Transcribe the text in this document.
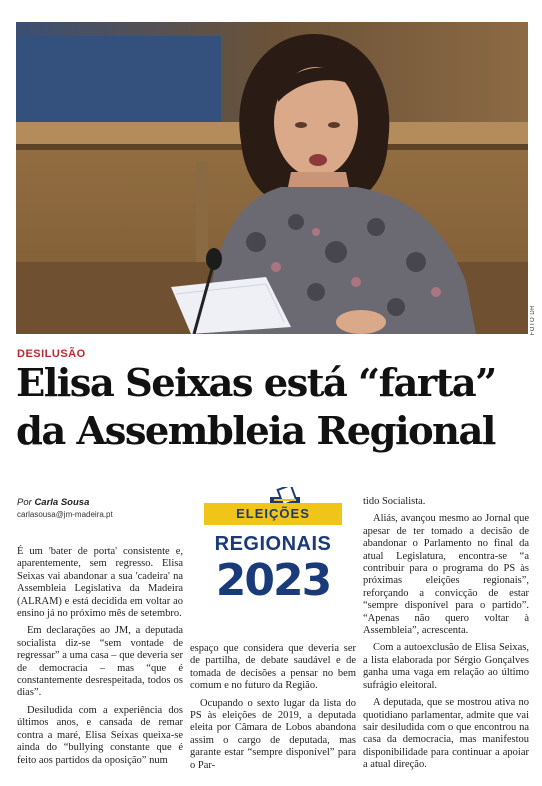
FOTO DR
DESILUSÃO
Elisa Seixas está “farta”
da Assembleia Regional
Por Carla Sousa
carlasousa@jm-madeira.pt	ELEIÇÕES
REGIONAIS
2023

É um 'bater de porta' consistente e, aparentemente, sem regresso. Elisa Seixas vai abandonar a sua 'cadeira' na Assembleia Legislativa da Madeira (ALRAM) e está decidida em voltar ao ensino já no próximo mês de setembro.

Em declarações ao JM, a deputada socialista diz-se “sem vontade de regressar” a uma casa – que deveria ser de democracia – mas “que é constantemente desrespeitada, todos os dias”.

Desiludida com a experiência dos últimos anos, e cansada de remar contra a maré, Elisa Seixas queixa-se ainda do “bullying constante que é feito aos partidos da oposição” num

espaço que considera que deveria ser de partilha, de debate saudável e de tomada de decisões a pensar no bem comum e no futuro da Região.

Ocupando o sexto lugar da lista do PS às eleições de 2019, a deputada eleita por Câmara de Lobos abandona assim o cargo de deputada, mas garante estar “sempre disponível” para o Par-

tido Socialista.

Aliás, avançou mesmo ao Jornal que apesar de ter tomado a decisão de abandonar o Parlamento no final da atual Legislatura, encontra-se “a contribuir para o programa do PS às próximas eleições regionais”, reforçando a convicção de estar “sempre disponível para o partido”. “Apenas não quero voltar à Assembleia”, acrescenta.

Com a autoexclusão de Elisa Seixas, a lista elaborada por Sérgio Gonçalves ganha uma vaga em relação ao último sufrágio eleitoral.

A deputada, que se mostrou ativa no quotidiano parlamentar, admite que vai sair desiludida com o que encontrou na casa da democracia, mas manifestou disponibilidade para continuar a apoiar a atual direção.
